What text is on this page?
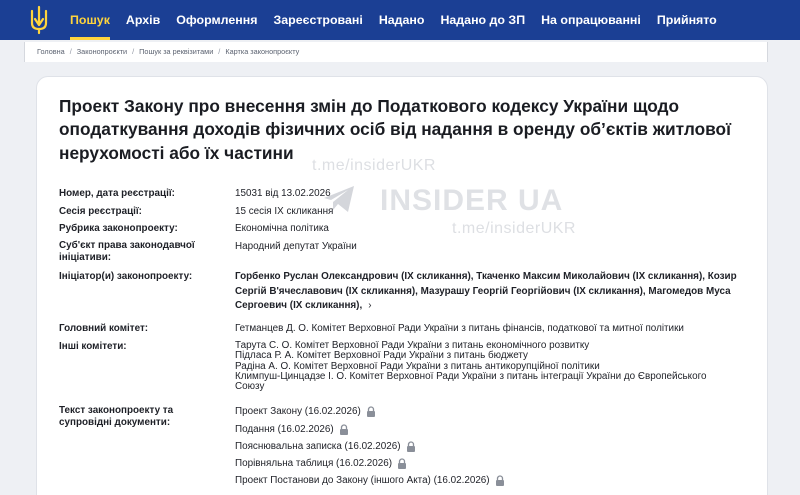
Пошук	Архів	Оформлення	Зареєстровані	Надано	Надано до ЗП	На опрацюванні	Прийнято
Головна / Законопроєкти / Пошук за реквізитами / Картка законопроєкту
Проект Закону про внесення змін до Податкового кодексу України щодо оподаткування доходів фізичних осіб від надання в оренду об’єктів житлової нерухомості або їх частини
t.me/insiderUKR
INSIDER UA
t.me/insiderUKR
Номер, дата реєстрації:	15031 від 13.02.2026
Сесія реєстрації:	15 сесія IX скликання
Рубрика законопроекту:	Економічна політика
Суб'єкт права законодавчої ініціативи:
Народний депутат України
Ініціатор(и) законопроекту:	Горбенко Руслан Олександрович (IX скликання), Ткаченко Максим Миколайович (IX скликання), Козир
Сергій В'ячеславович (IX скликання), Мазурашу Георгій Георгійович (IX скликання), Магомедов Муса
Сергоевич (IX скликання), ›
Головний комітет:	Гетманцев Д. О. Комітет Верховної Ради України з питань фінансів, податкової та митної політики
Інші комітети:	Тарута С. О. Комітет Верховної Ради України з питань економічного розвитку
Підласа Р. А. Комітет Верховної Ради України з питань бюджету
Радіна А. О. Комітет Верховної Ради України з питань антикорупційної політики
Климпуш-Цинцадзе І. О. Комітет Верховної Ради України з питань інтеграції України до Європейського
Союзу
Текст законопроекту та
супровідні документи:
Проект Закону (16.02.2026)
Подання (16.02.2026)
Пояснювальна записка (16.02.2026)
Порівняльна таблиця (16.02.2026)
Проект Постанови до Закону (іншого Акта) (16.02.2026)
